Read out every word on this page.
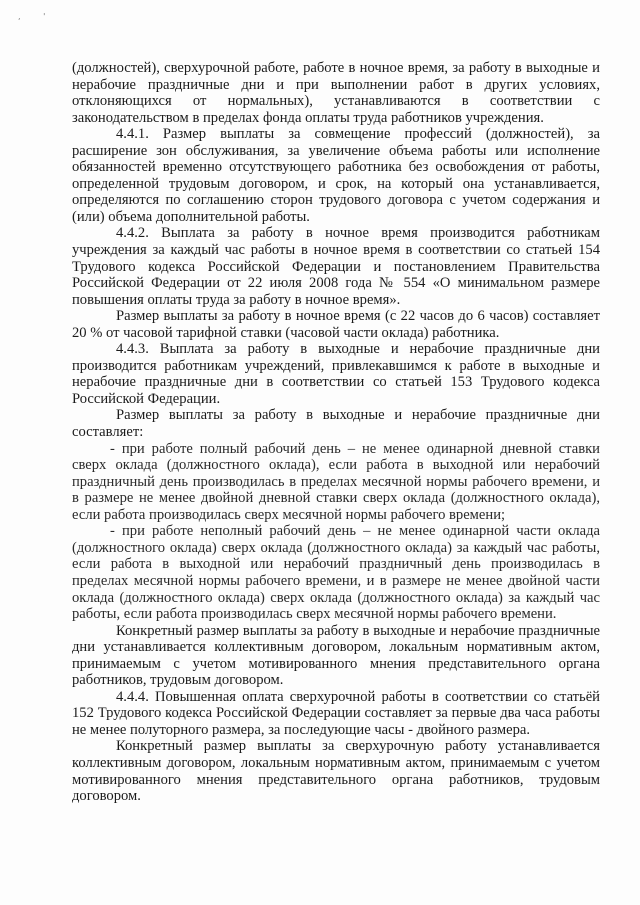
, '

(должностей), сверхурочной работе, работе в ночное время, за работу в выходные и нерабочие праздничные дни и при выполнении работ в других условиях, отклоняющихся от нормальных), устанавливаются в соответствии с законодательством в пределах фонда оплаты труда работников учреждения.

4.4.1. Размер выплаты за совмещение профессий (должностей), за расширение зон обслуживания, за увеличение объема работы или исполнение обязанностей временно отсутствующего работника без освобождения от работы, определенной трудовым договором, и срок, на который она устанавливается, определяются по соглашению сторон трудового договора с учетом содержания и (или) объема дополнительной работы.

4.4.2. Выплата за работу в ночное время производится работникам учреждения за каждый час работы в ночное время в соответствии со статьей 154 Трудового кодекса Российской Федерации и постановлением Правительства Российской Федерации от 22 июля 2008 года № 554 «О минимальном размере повышения оплаты труда за работу в ночное время».

Размер выплаты за работу в ночное время (с 22 часов до 6 часов) составляет 20 % от часовой тарифной ставки (часовой части оклада) работника.

4.4.3. Выплата за работу в выходные и нерабочие праздничные дни производится работникам учреждений, привлекавшимся к работе в выходные и нерабочие праздничные дни в соответствии со статьей 153 Трудового кодекса Российской Федерации.

Размер выплаты за работу в выходные и нерабочие праздничные дни составляет:

- при работе полный рабочий день – не менее одинарной дневной ставки сверх оклада (должностного оклада), если работа в выходной или нерабочий праздничный день производилась в пределах месячной нормы рабочего времени, и в размере не менее двойной дневной ставки сверх оклада (должностного оклада), если работа производилась сверх месячной нормы рабочего времени;

- при работе неполный рабочий день – не менее одинарной части оклада (должностного оклада) сверх оклада (должностного оклада) за каждый час работы, если работа в выходной или нерабочий праздничный день производилась в пределах месячной нормы рабочего времени, и в размере не менее двойной части оклада (должностного оклада) сверх оклада (должностного оклада) за каждый час работы, если работа производилась сверх месячной нормы рабочего времени.

Конкретный размер выплаты за работу в выходные и нерабочие праздничные дни устанавливается коллективным договором, локальным нормативным актом, принимаемым с учетом мотивированного мнения представительного органа работников, трудовым договором.

4.4.4. Повышенная оплата сверхурочной работы в соответствии со статьёй 152 Трудового кодекса Российской Федерации составляет за первые два часа работы не менее полуторного размера, за последующие часы - двойного размера.

Конкретный размер выплаты за сверхурочную работу устанавливается коллективным договором, локальным нормативным актом, принимаемым с учетом мотивированного мнения представительного органа работников, трудовым договором.
